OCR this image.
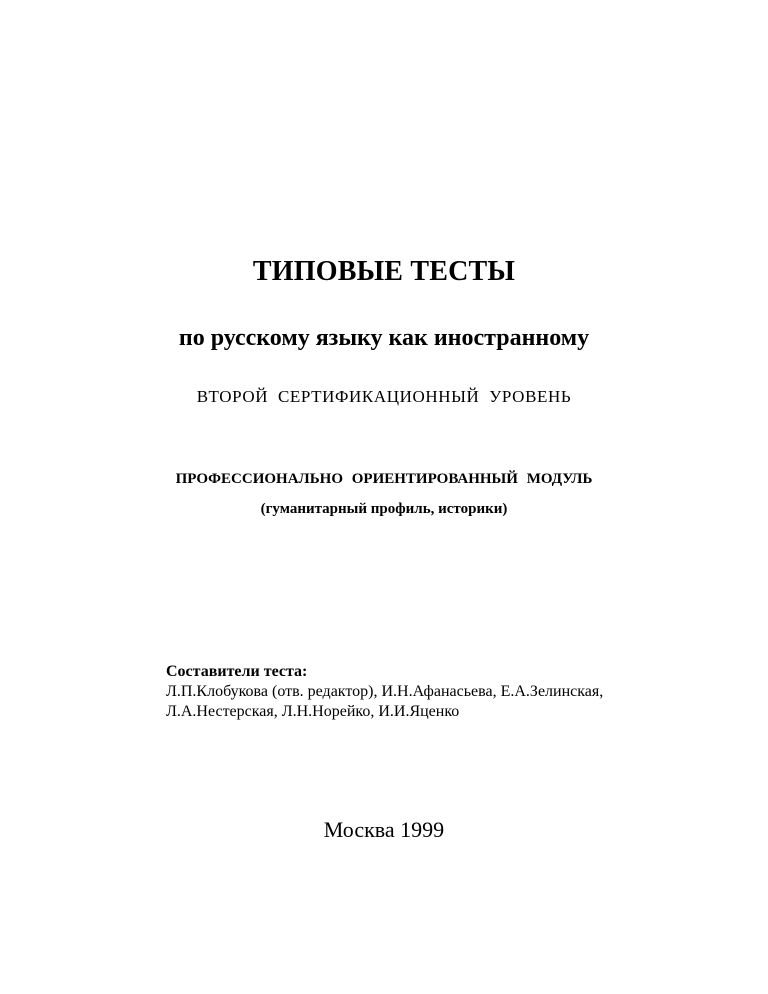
ТИПОВЫЕ ТЕСТЫ
по русскому языку как иностранному
ВТОРОЙ СЕРТИФИКАЦИОННЫЙ УРОВЕНЬ
ПРОФЕССИОНАЛЬНО ОРИЕНТИРОВАННЫЙ МОДУЛЬ
(гуманитарный профиль, историки)
Составители теста:
Л.П.Клобукова (отв. редактор), И.Н.Афанасьева, Е.А.Зелинская,
Л.А.Нестерская, Л.Н.Норейко, И.И.Яценко
Москва 1999
